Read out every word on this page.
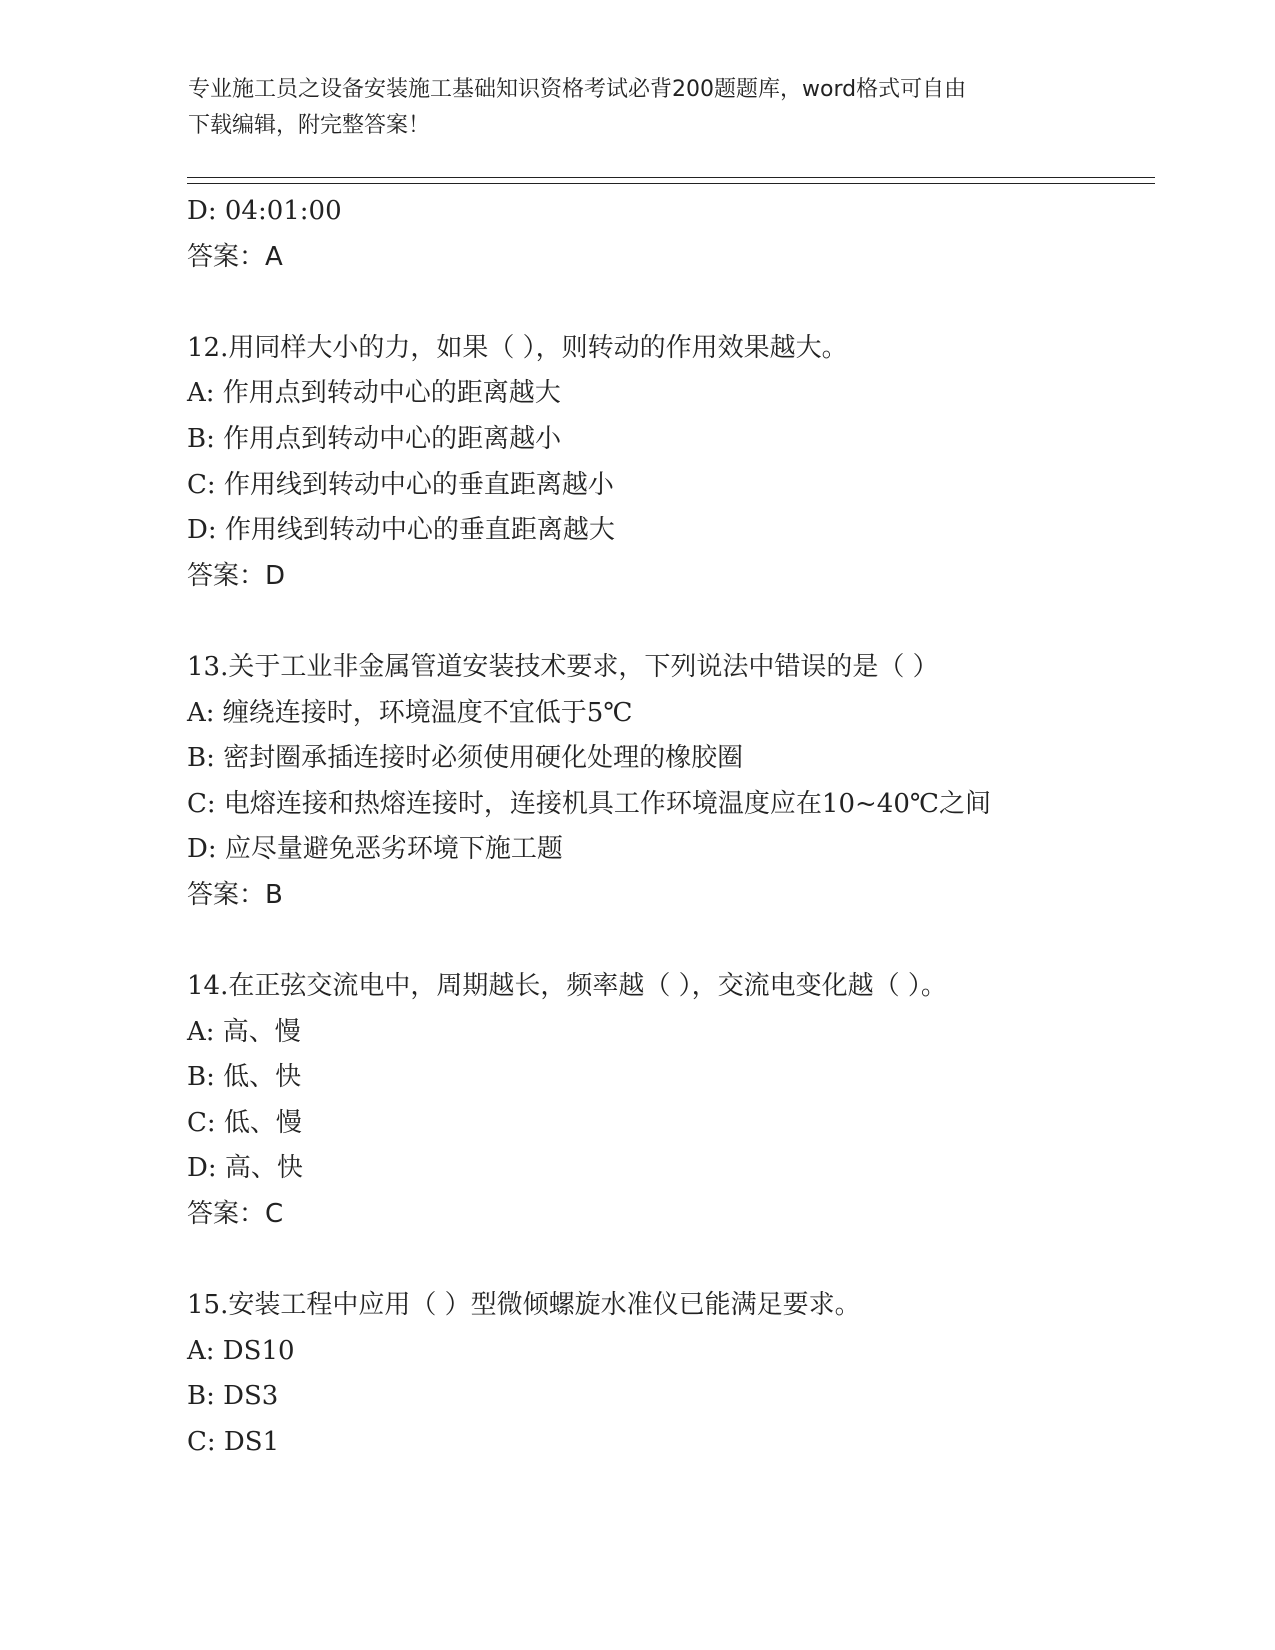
专业施工员之设备安装施工基础知识资格考试必背200题题库，word格式可自由
下载编辑，附完整答案！
D: 04:01:00
答案：A
12.用同样大小的力，如果（ ），则转动的作用效果越大。
A: 作用点到转动中心的距离越大
B: 作用点到转动中心的距离越小
C: 作用线到转动中心的垂直距离越小
D: 作用线到转动中心的垂直距离越大
答案：D
13.关于工业非金属管道安装技术要求，下列说法中错误的是（ ）
A: 缠绕连接时，环境温度不宜低于5℃
B: 密封圈承插连接时必须使用硬化处理的橡胶圈
C: 电熔连接和热熔连接时，连接机具工作环境温度应在10~40℃之间
D: 应尽量避免恶劣环境下施工题
答案：B
14.在正弦交流电中，周期越长，频率越（ ），交流电变化越（ ）。
A: 高、慢
B: 低、快
C: 低、慢
D: 高、快
答案：C
15.安装工程中应用（ ）型微倾螺旋水准仪已能满足要求。
A: DS10
B: DS3
C: DS1
